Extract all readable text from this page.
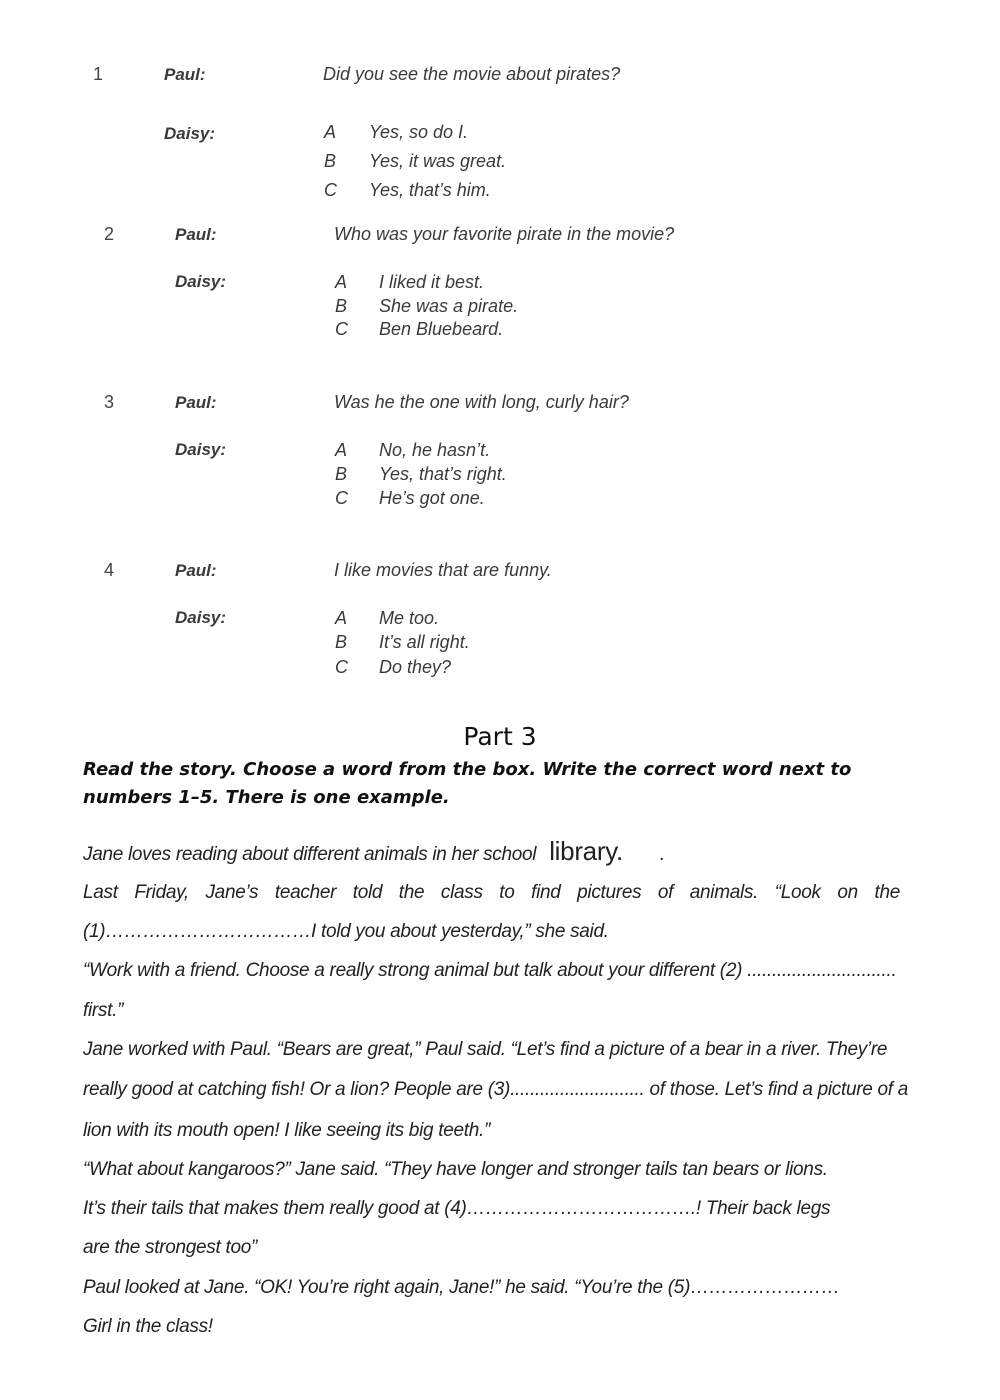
1	Paul:	Did you see the movie about pirates?
Daisy:	A Yes, so do I.
B Yes, it was great.
C Yes, that’s him.
2	Paul:	Who was your favorite pirate in the movie?
Daisy:	A I liked it best.
B She was a pirate.
C Ben Bluebeard.
3	Paul:	Was he the one with long, curly hair?
Daisy:	A No, he hasn’t.
B Yes, that’s right.
C He’s got one.
4	Paul:	I like movies that are funny.
Daisy:	A Me too.
B It’s all right.
C Do they?
Part 3
Read the story. Choose a word from the box. Write the correct word next to numbers 1–5. There is one example.
Jane loves reading about different animals in her school library. .
Last Friday, Jane’s teacher told the class to find pictures of animals. “Look on the
(1)……………………………I told you about yesterday,” she said.
“Work with a friend. Choose a really strong animal but talk about your different (2) ..............................
first.”
Jane worked with Paul. “Bears are great,” Paul said. “Let’s find a picture of a bear in a river. They’re
really good at catching fish! Or a lion? People are (3)........................... of those. Let’s find a picture of a
lion with its mouth open! I like seeing its big teeth.”
“What about kangaroos?” Jane said. “They have longer and stronger tails tan bears or lions.
It’s their tails that makes them really good at (4)……………………………….! Their back legs
are the strongest too”
Paul looked at Jane. “OK! You’re right again, Jane!” he said. “You’re the (5)……………………
Girl in the class!
